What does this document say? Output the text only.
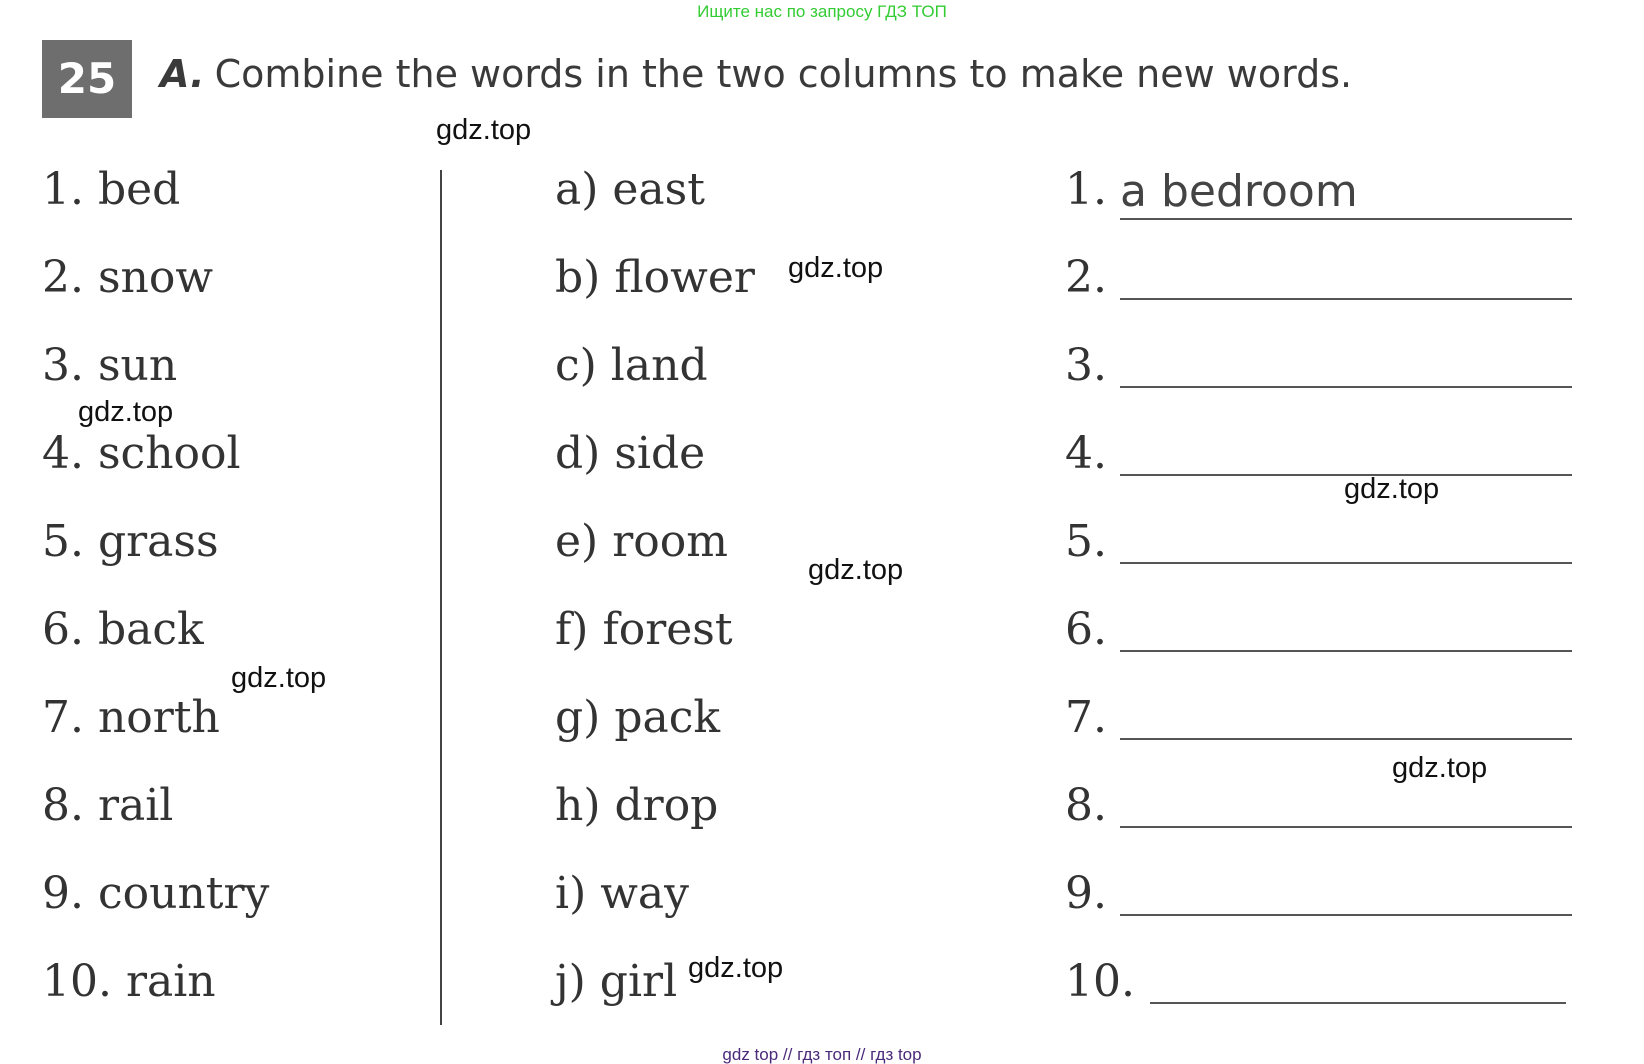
Ищите нас по запросу ГДЗ ТОП
25	A. Combine the words in the two columns to make new words.
1. bed
2. snow
3. sun
4. school
5. grass
6. back
7. north
8. rail
9. country
10. rain
a) east
b) flower
c) land
d) side
e) room
f) forest
g) pack
h) drop
i) way
j) girl
1. a bedroom
2.
3.
4.
5.
6.
7.
8.
9.
10.
gdz.top
gdz.top
gdz.top
gdz.top
gdz.top
gdz.top
gdz.top
gdz.top
gdz top // гдз топ // гдз top
